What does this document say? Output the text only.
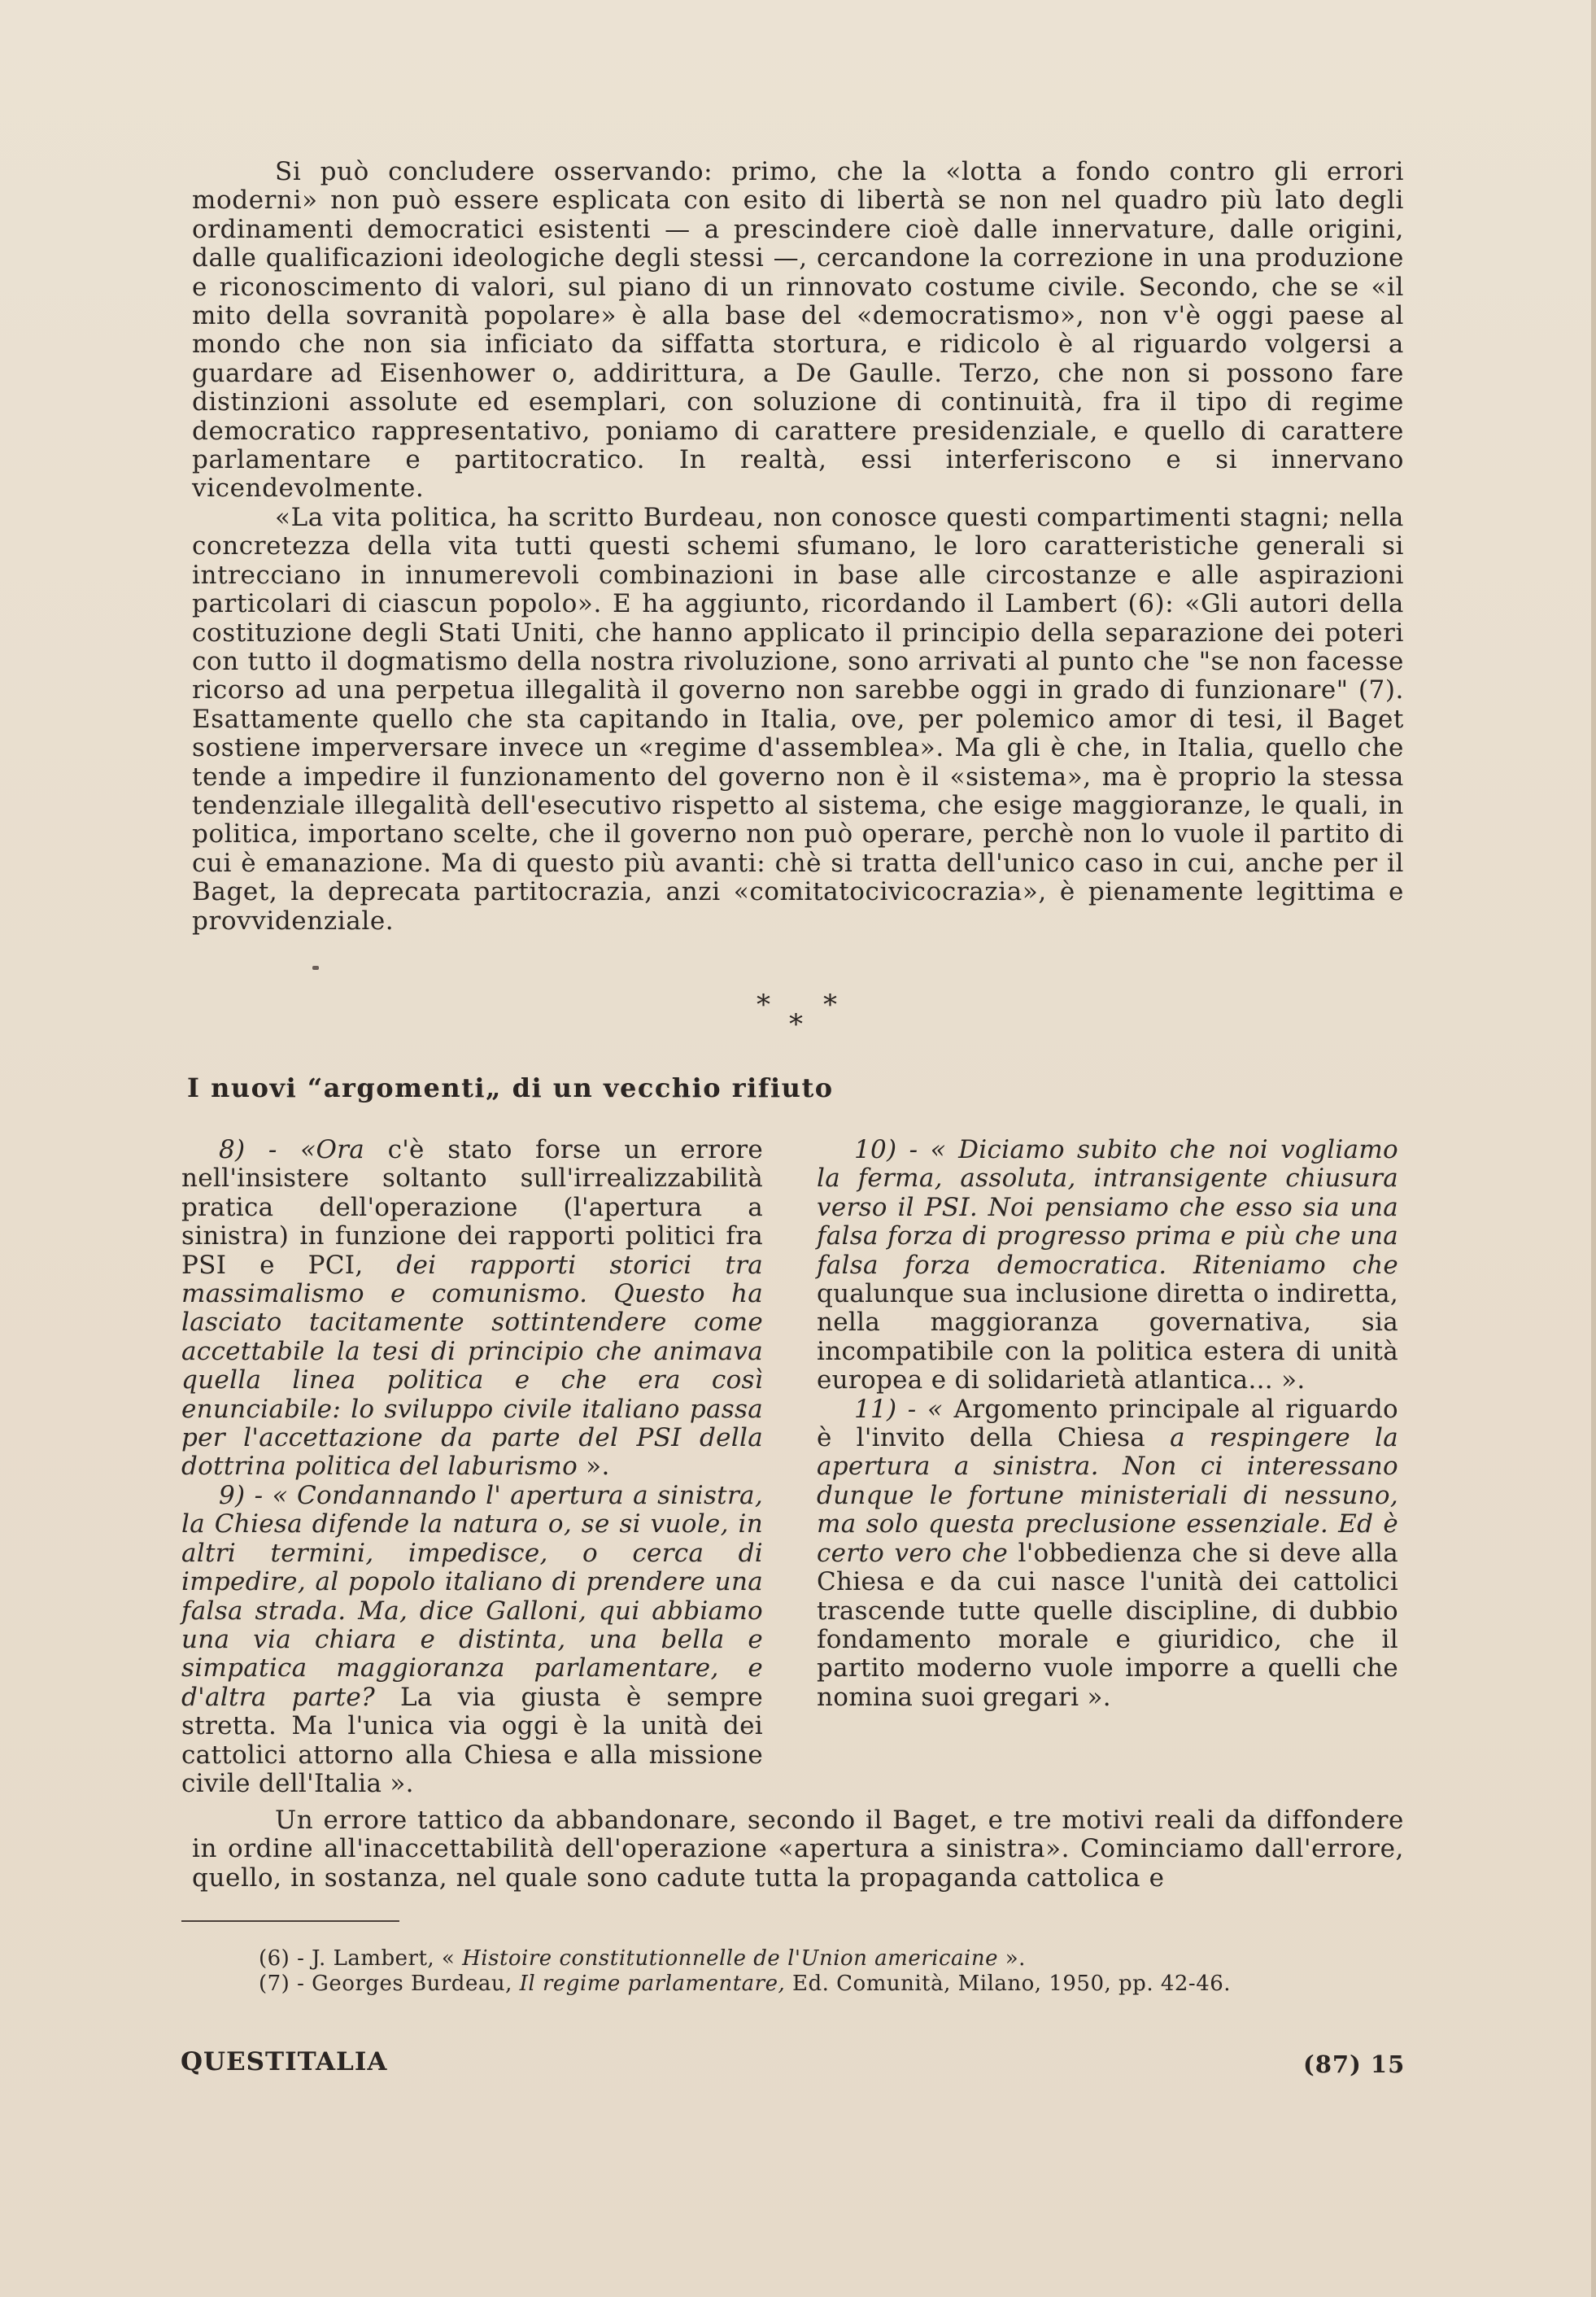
Si può concludere osservando: primo, che la «lotta a fondo contro gli errori moderni» non può essere esplicata con esito di libertà se non nel quadro più lato degli ordinamenti democratici esistenti — a prescindere cioè dalle innervature, dalle origini, dalle qualificazioni ideologiche degli stessi —, cercandone la correzione in una produzione e riconoscimento di valori, sul piano di un rinnovato costume civile. Secondo, che se «il mito della sovranità popolare» è alla base del «democratismo», non v'è oggi paese al mondo che non sia inficiato da siffatta stortura, e ridicolo è al riguardo volgersi a guardare ad Eisenhower o, addirittura, a De Gaulle. Terzo, che non si possono fare distinzioni assolute ed esemplari, con soluzione di continuità, fra il tipo di regime democratico rappresentativo, poniamo di carattere presidenziale, e quello di carattere parlamentare e partitocratico. In realtà, essi interferiscono e si innervano vicendevolmente.

«La vita politica, ha scritto Burdeau, non conosce questi compartimenti stagni; nella concretezza della vita tutti questi schemi sfumano, le loro caratteristiche generali si intrecciano in innumerevoli combinazioni in base alle circostanze e alle aspirazioni particolari di ciascun popolo». E ha aggiunto, ricordando il Lambert (6): «Gli autori della costituzione degli Stati Uniti, che hanno applicato il principio della separazione dei poteri con tutto il dogmatismo della nostra rivoluzione, sono arrivati al punto che "se non facesse ricorso ad una perpetua illegalità il governo non sarebbe oggi in grado di funzionare" (7). Esattamente quello che sta capitando in Italia, ove, per polemico amor di tesi, il Baget sostiene imperversare invece un «regime d'assemblea». Ma gli è che, in Italia, quello che tende a impedire il funzionamento del governo non è il «sistema», ma è proprio la stessa tendenziale illegalità dell'esecutivo rispetto al sistema, che esige maggioranze, le quali, in politica, importano scelte, che il governo non può operare, perchè non lo vuole il partito di cui è emanazione. Ma di questo più avanti: chè si tratta dell'unico caso in cui, anche per il Baget, la deprecata partitocrazia, anzi «comitatocivicocrazia», è pienamente legittima e provvidenziale.

* *
*
I nuovi “argomenti„ di un vecchio rifiuto

8) - «Ora c'è stato forse un errore nell'insistere soltanto sull'irrealizzabilità pratica dell'operazione (l'apertura a sinistra) in funzione dei rapporti politici fra PSI e PCI, dei rapporti storici tra massimalismo e comunismo. Questo ha lasciato tacitamente sottintendere come accettabile la tesi di principio che animava quella linea politica e che era così enunciabile: lo sviluppo civile italiano passa per l'accettazione da parte del PSI della dottrina politica del laburismo ».

9) - « Condannando l' apertura a sinistra, la Chiesa difende la natura o, se si vuole, in altri termini, impedisce, o cerca di impedire, al popolo italiano di prendere una falsa strada. Ma, dice Galloni, qui abbiamo una via chiara e distinta, una bella e simpatica maggioranza parlamentare, e d'altra parte? La via giusta è sempre stretta. Ma l'unica via oggi è la unità dei cattolici attorno alla Chiesa e alla missione civile dell'Italia ».

10) - « Diciamo subito che noi vogliamo la ferma, assoluta, intransigente chiusura verso il PSI. Noi pensiamo che esso sia una falsa forza di progresso prima e più che una falsa forza democratica. Riteniamo che qualunque sua inclusione diretta o indiretta, nella maggioranza governativa, sia incompatibile con la politica estera di unità europea e di solidarietà atlantica... ».

11) - « Argomento principale al riguardo è l'invito della Chiesa a respingere la apertura a sinistra. Non ci interessano dunque le fortune ministeriali di nessuno, ma solo questa preclusione essenziale. Ed è certo vero che l'obbedienza che si deve alla Chiesa e da cui nasce l'unità dei cattolici trascende tutte quelle discipline, di dubbio fondamento morale e giuridico, che il partito moderno vuole imporre a quelli che nomina suoi gregari ».

Un errore tattico da abbandonare, secondo il Baget, e tre motivi reali da diffondere in ordine all'inaccettabilità dell'operazione «apertura a sinistra». Cominciamo dall'errore, quello, in sostanza, nel quale sono cadute tutta la propaganda cattolica e

(6) - J. Lambert, « Histoire constitutionnelle de l'Union americaine ».

(7) - Georges Burdeau, Il regime parlamentare, Ed. Comunità, Milano, 1950, pp. 42-46.

QUESTITALIA	(87) 15
